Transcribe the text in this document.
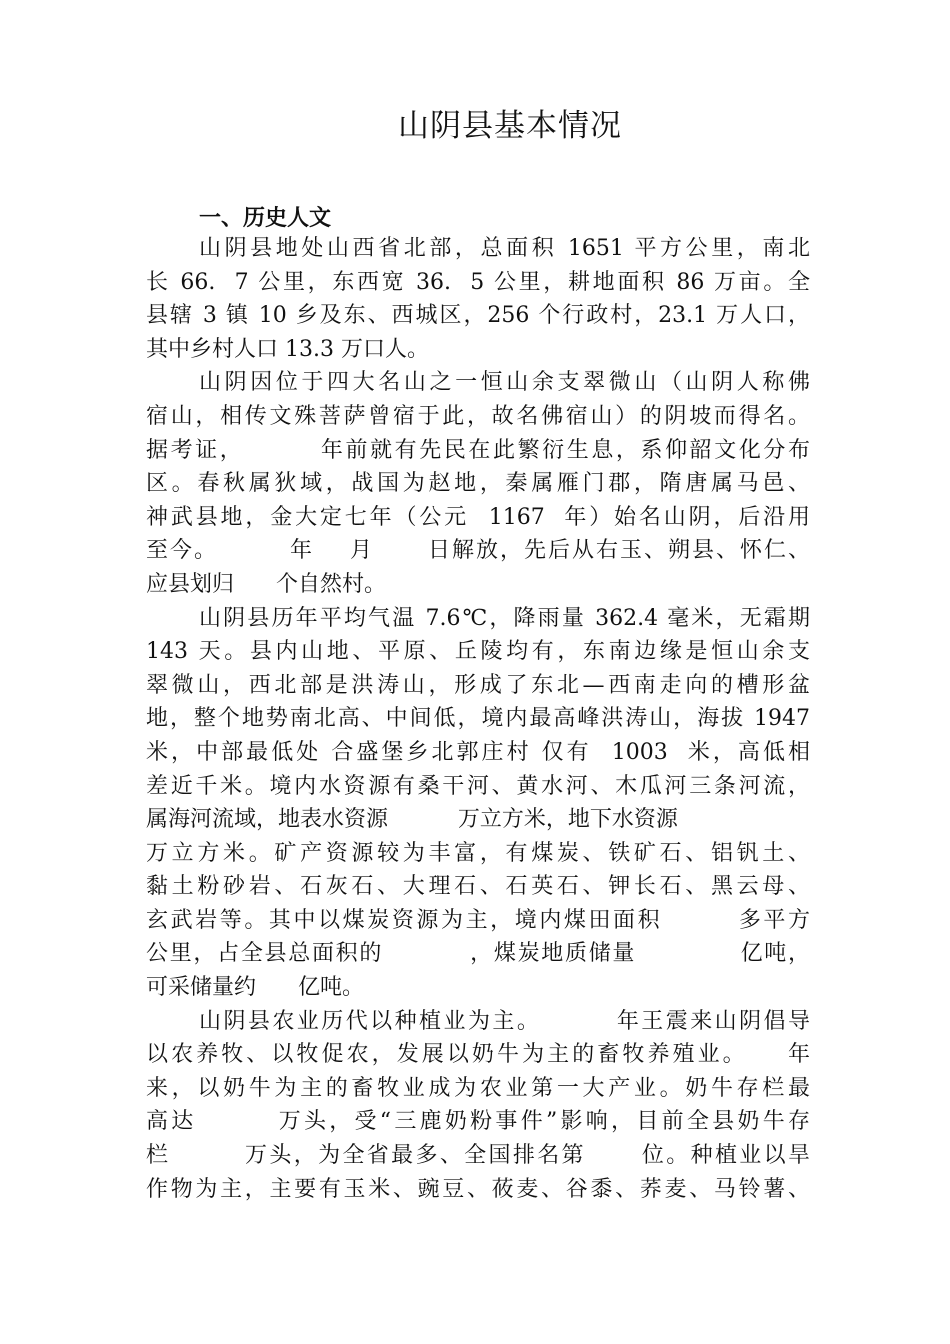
山阴县基本情况
一、历史人文
山阴县地处山西省北部，总面积 1651 平方公里，南北
长 66.  7 公里，东西宽 36.  5 公里，耕地面积 86 万亩。全
县辖 3 镇 10 乡及东、西城区，256 个行政村，23.1 万人口，
其中乡村人口 13.3 万口人。
山阴因位于四大名山之一恒山余支翠微山（山阴人称佛
宿山，相传文殊菩萨曾宿于此，故名佛宿山）的阴坡而得名。
据考证，        年前就有先民在此繁衍生息，系仰韶文化分布
区。春秋属狄域，战国为赵地，秦属雁门郡，隋唐属马邑、
神武县地，金大定七年（公元  1167  年）始名山阴，后沿用
至今。        年    月      日解放，先后从右玉、朔县、怀仁、
应县划归      个自然村。
山阴县历年平均气温 7.6℃，降雨量 362.4 毫米，无霜期
143 天。县内山地、平原、丘陵均有，东南边缘是恒山余支
翠微山，西北部是洪涛山，形成了东北—西南走向的槽形盆
地，整个地势南北高、中间低，境内最高峰洪涛山，海拔 1947
米，中部最低处 合盛堡乡北郭庄村 仅有  1003  米，高低相
差近千米。境内水资源有桑干河、黄水河、木瓜河三条河流，
属海河流域，地表水资源          万立方米，地下水资源
万立方米。矿产资源较为丰富，有煤炭、铁矿石、铝钒土、
黏土粉砂岩、石灰石、大理石、石英石、钾长石、黑云母、
玄武岩等。其中以煤炭资源为主，境内煤田面积        多平方
公里，占全县总面积的          ，煤炭地质储量            亿吨，
可采储量约      亿吨。
山阴县农业历代以种植业为主。        年王震来山阴倡导
以农养牧、以牧促农，发展以奶牛为主的畜牧养殖业。    年
来，以奶牛为主的畜牧业成为农业第一大产业。奶牛存栏最
高达        万头，受“三鹿奶粉事件”影响，目前全县奶牛存
栏        万头，为全省最多、全国排名第      位。种植业以旱
作物为主，主要有玉米、豌豆、莜麦、谷黍、荞麦、马铃薯、
